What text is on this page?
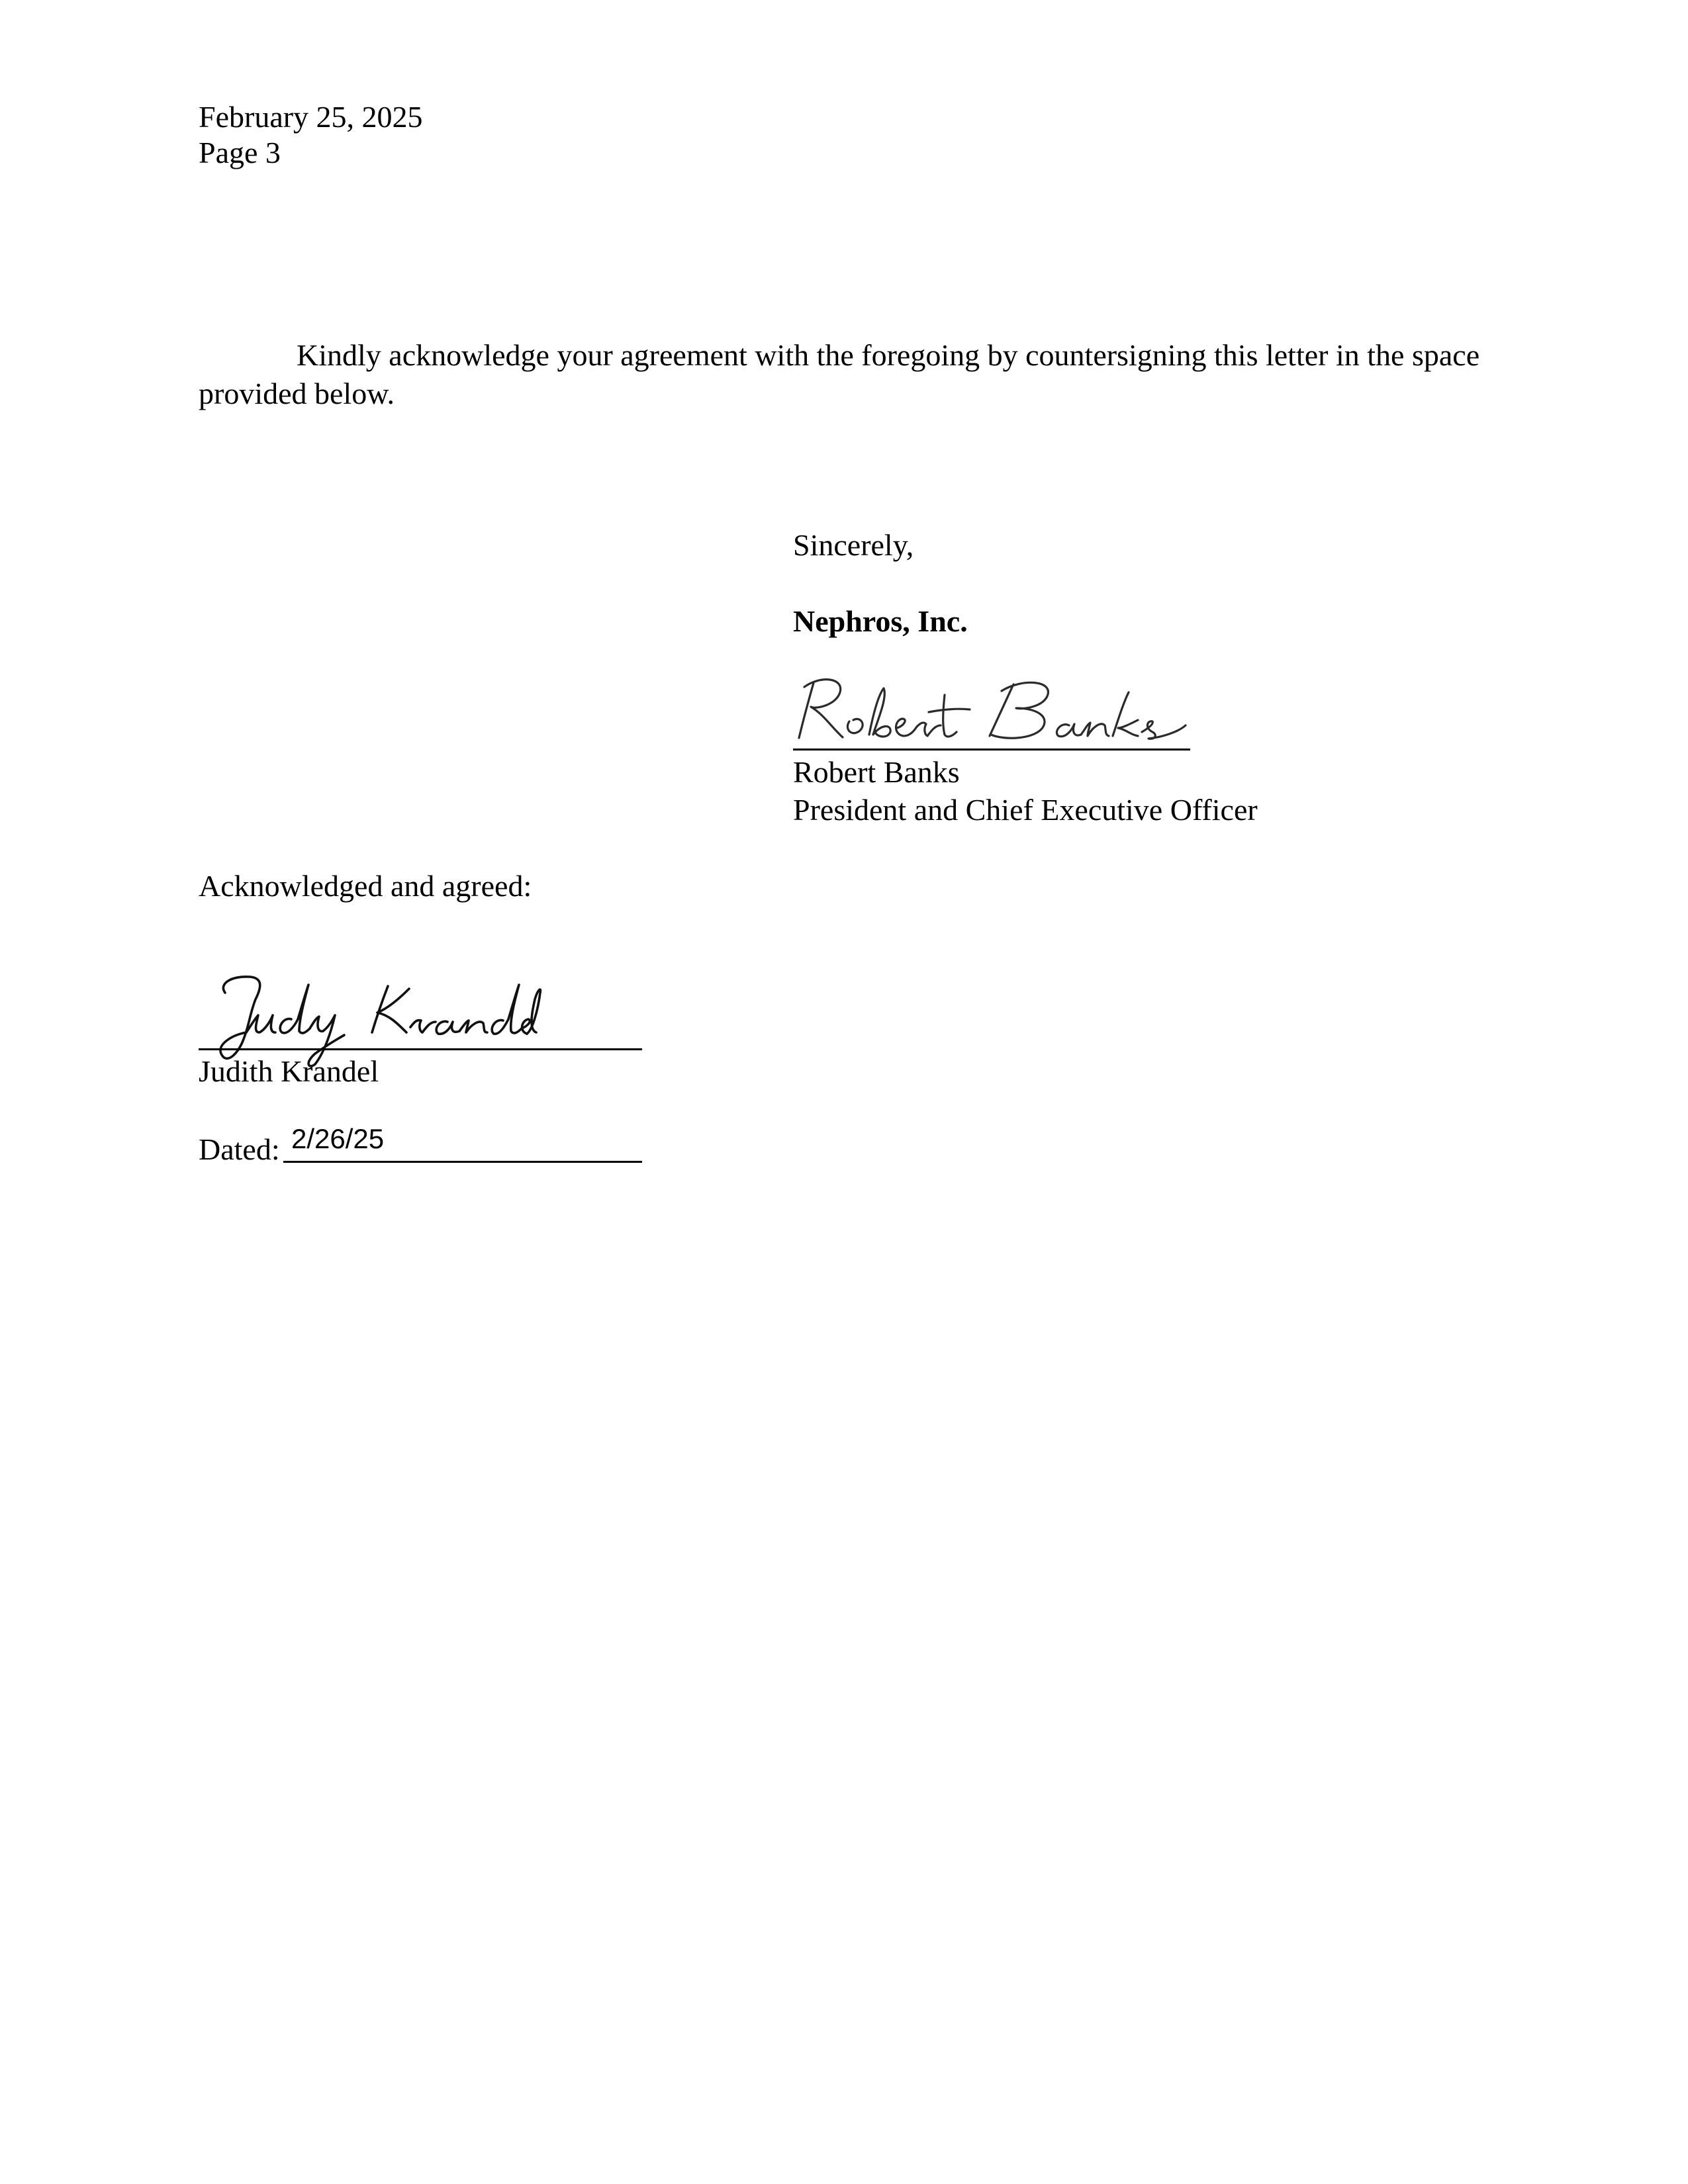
February 25, 2025
Page 3
Kindly acknowledge your agreement with the foregoing by countersigning this letter in the space provided below.
Sincerely,
Nephros, Inc.
Robert Banks
President and Chief Executive Officer
Acknowledged and agreed:
Judith Krandel
Dated: 2/26/25
